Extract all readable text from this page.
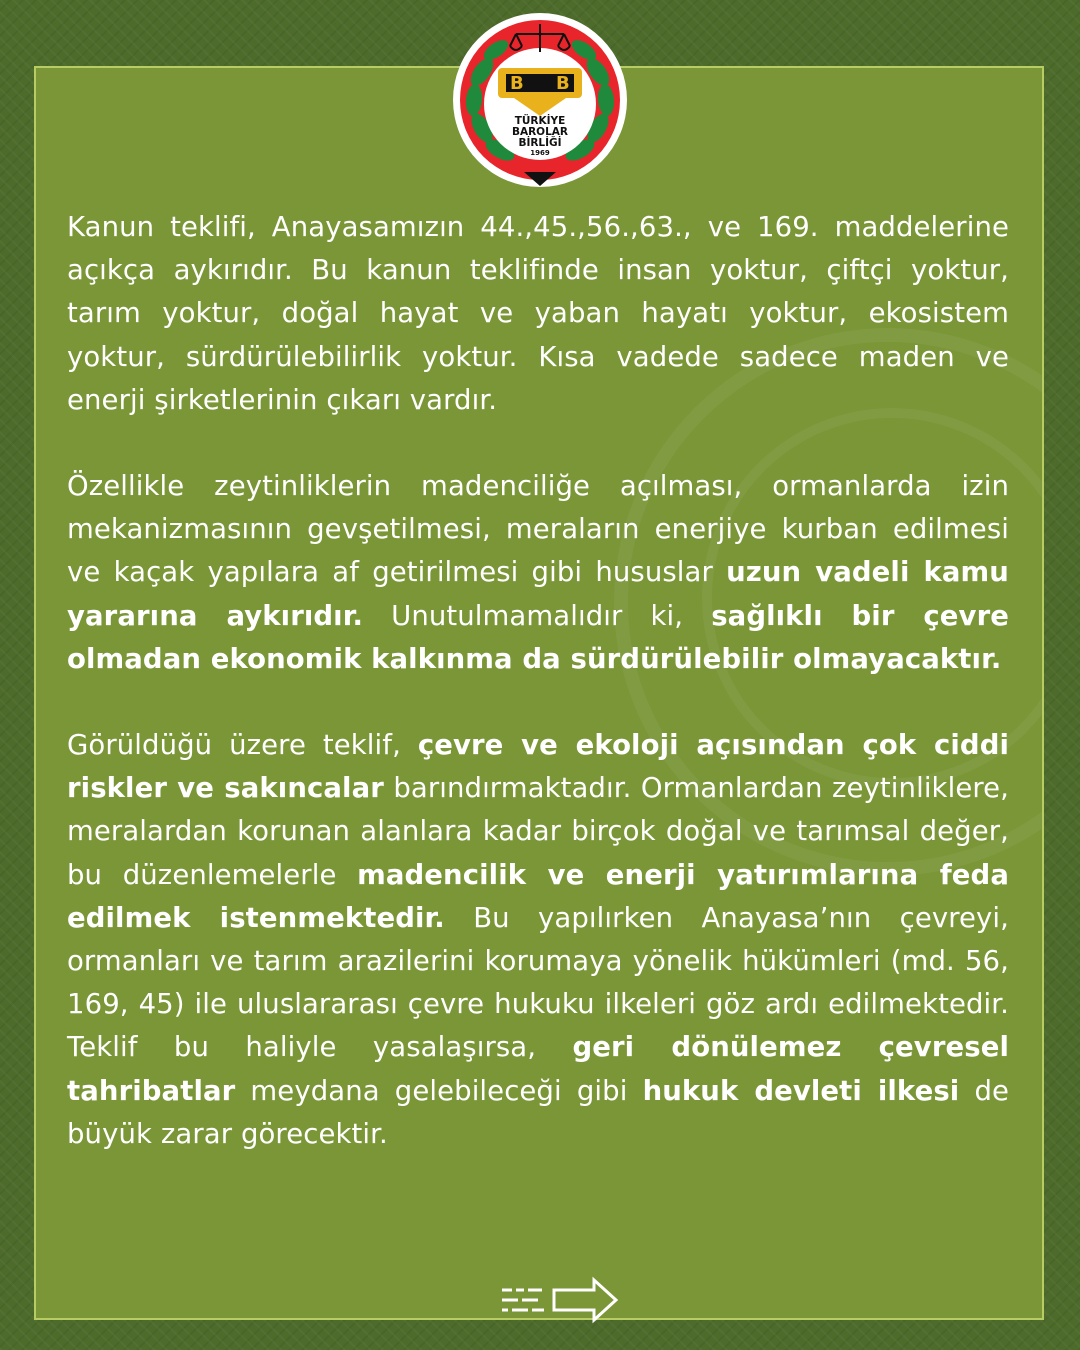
B B
TÜRKİYE
BAROLAR
BİRLİĞİ
1969

Kanun teklifi, Anayasamızın 44.,45.,56.,63., ve 169. maddelerine açıkça aykırıdır. Bu kanun teklifinde insan yoktur, çiftçi yoktur, tarım yoktur, doğal hayat ve yaban hayatı yoktur, ekosistem yoktur, sürdürülebilirlik yoktur. Kısa vadede sadece maden ve enerji şirketlerinin çıkarı vardır.

Özellikle zeytinliklerin madenciliğe açılması, ormanlarda izin mekanizmasının gevşetilmesi, meraların enerjiye kurban edilmesi ve kaçak yapılara af getirilmesi gibi hususlar uzun vadeli kamu yararına aykırıdır. Unutulmamalıdır ki, sağlıklı bir çevre olmadan ekonomik kalkınma da sürdürülebilir olmayacaktır.

Görüldüğü üzere teklif, çevre ve ekoloji açısından çok ciddi riskler ve sakıncalar barındırmaktadır. Ormanlardan zeytinliklere, meralardan korunan alanlara kadar birçok doğal ve tarımsal değer, bu düzenlemelerle madencilik ve enerji yatırımlarına feda edilmek istenmektedir. Bu yapılırken Anayasa’nın çevreyi, ormanları ve tarım arazilerini korumaya yönelik hükümleri (md. 56, 169, 45) ile uluslararası çevre hukuku ilkeleri göz ardı edilmektedir. Teklif bu haliyle yasalaşırsa, geri dönülemez çevresel tahribatlar meydana gelebileceği gibi hukuk devleti ilkesi de büyük zarar görecektir.
